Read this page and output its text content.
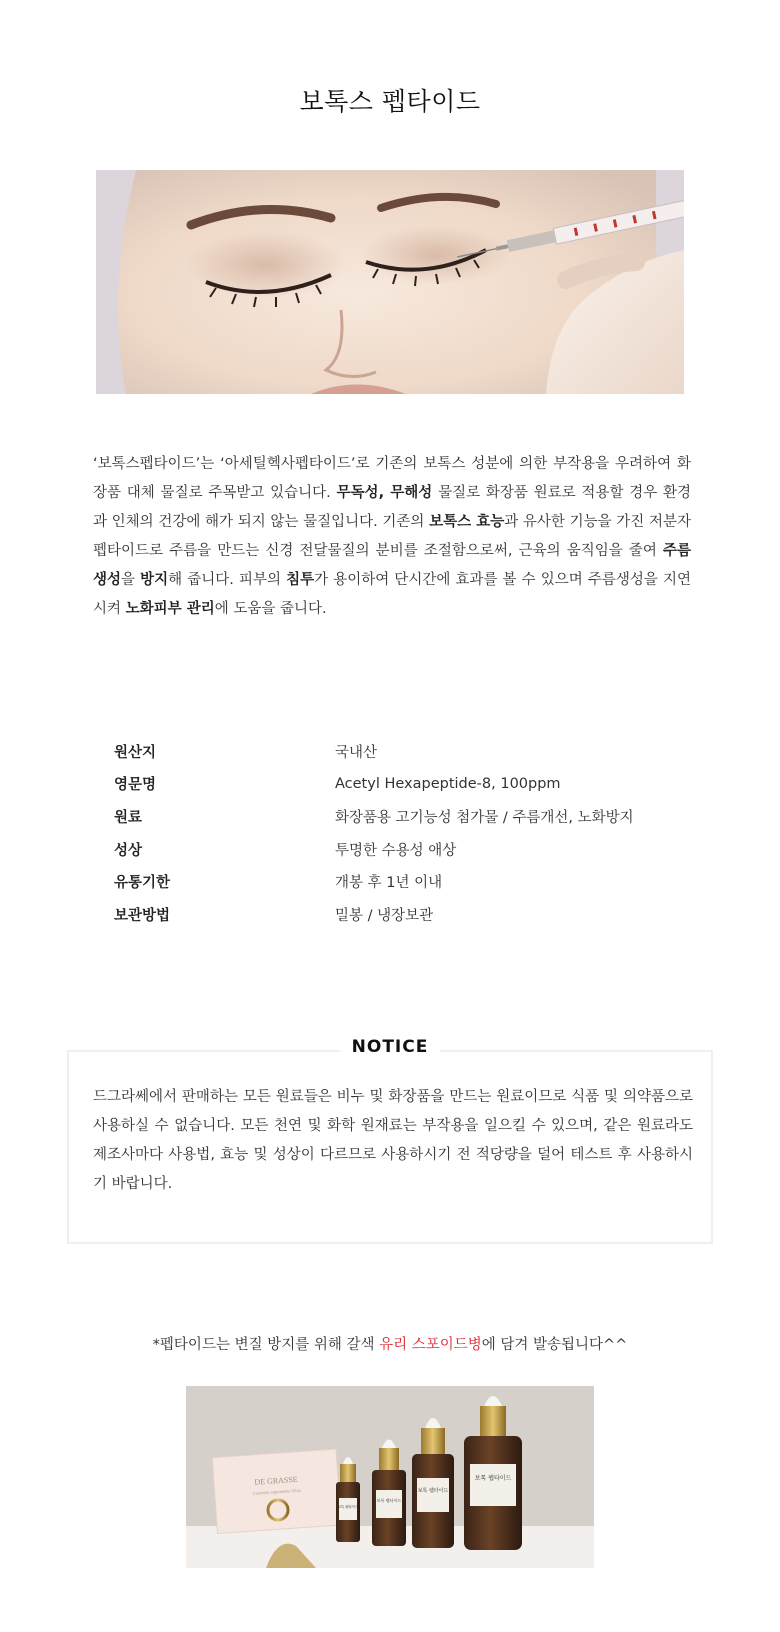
보톡스 펩타이드

‘보톡스펩타이드’는 ‘아세틸헥사펩타이드’로 기존의 보톡스 성분에 의한 부작용을 우려하여 화장품 대체 물질로 주목받고 있습니다. 무독성, 무해성 물질로 화장품 원료로 적용할 경우 환경과 인체의 건강에 해가 되지 않는 물질입니다. 기존의 보톡스 효능과 유사한 기능을 가진 저분자 펩타이드로 주름을 만드는 신경 전달물질의 분비를 조절함으로써, 근육의 움직임을 줄여 주름 생성을 방지해 줍니다. 피부의 침투가 용이하여 단시간에 효과를 볼 수 있으며 주름생성을 지연시켜 노화피부 관리에 도움을 줍니다.

원산지	국내산
영문명	Acetyl Hexapeptide-8, 100ppm
원료	화장품용 고기능성 첨가물 / 주름개선, 노화방지
성상	투명한 수용성 애상
유통기한	개봉 후 1년 이내
보관방법	밀봉 / 냉장보관
NOTICE

드그라쎄에서 판매하는 모든 원료들은 비누 및 화장품을 만드는 원료이므로 식품 및 의약품으로 사용하실 수 없습니다. 모든 천연 및 화학 원재료는 부작용을 일으킬 수 있으며, 같은 원료라도 제조사마다 사용법, 효능 및 성상이 다르므로 사용하시기 전 적당량을 덜어 테스트 후 사용하시기 바랍니다.

*펩타이드는 변질 방지를 위해 갈색 유리 스포이드병에 담겨 발송됩니다^^

DE GRASSE
Cosmetic Ingredients Shop
보톡 펩타이드
보톡 펩타이드
보톡 펩타이드
보톡 펩타이드
